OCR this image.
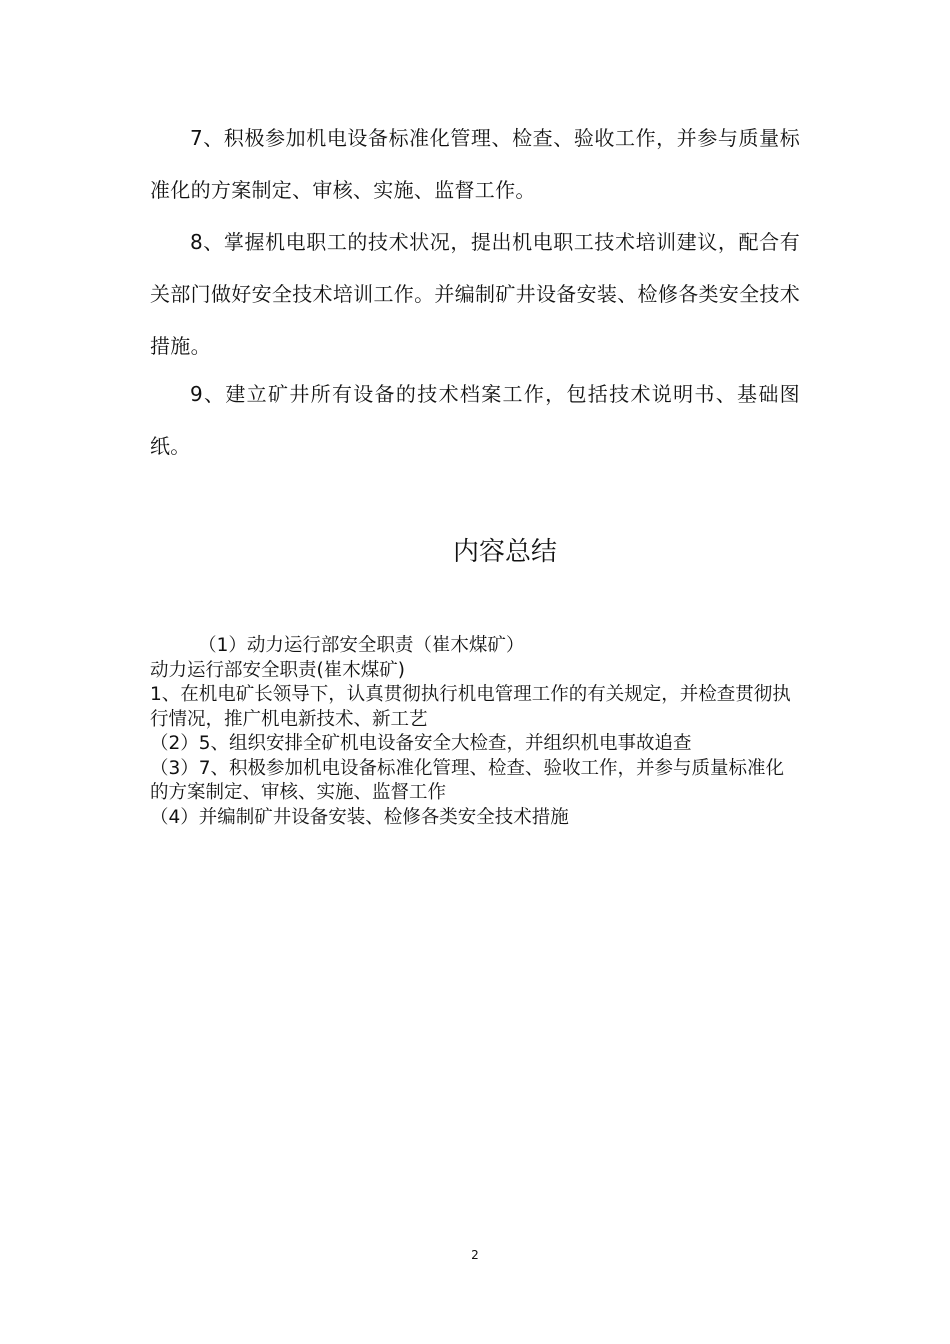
7、积极参加机电设备标准化管理、检查、验收工作，并参与质量标准化的方案制定、审核、实施、监督工作。

8、掌握机电职工的技术状况，提出机电职工技术培训建议，配合有关部门做好安全技术培训工作。并编制矿井设备安装、检修各类安全技术措施。

9、建立矿井所有设备的技术档案工作，包括技术说明书、基础图纸。

内容总结

（1）动力运行部安全职责（崔木煤矿）

动力运行部安全职责(崔木煤矿)

1、在机电矿长领导下，认真贯彻执行机电管理工作的有关规定，并检查贯彻执行情况，推广机电新技术、新工艺

（2）5、组织安排全矿机电设备安全大检查，并组织机电事故追查

（3）7、积极参加机电设备标准化管理、检查、验收工作，并参与质量标准化的方案制定、审核、实施、监督工作

（4）并编制矿井设备安装、检修各类安全技术措施

2
